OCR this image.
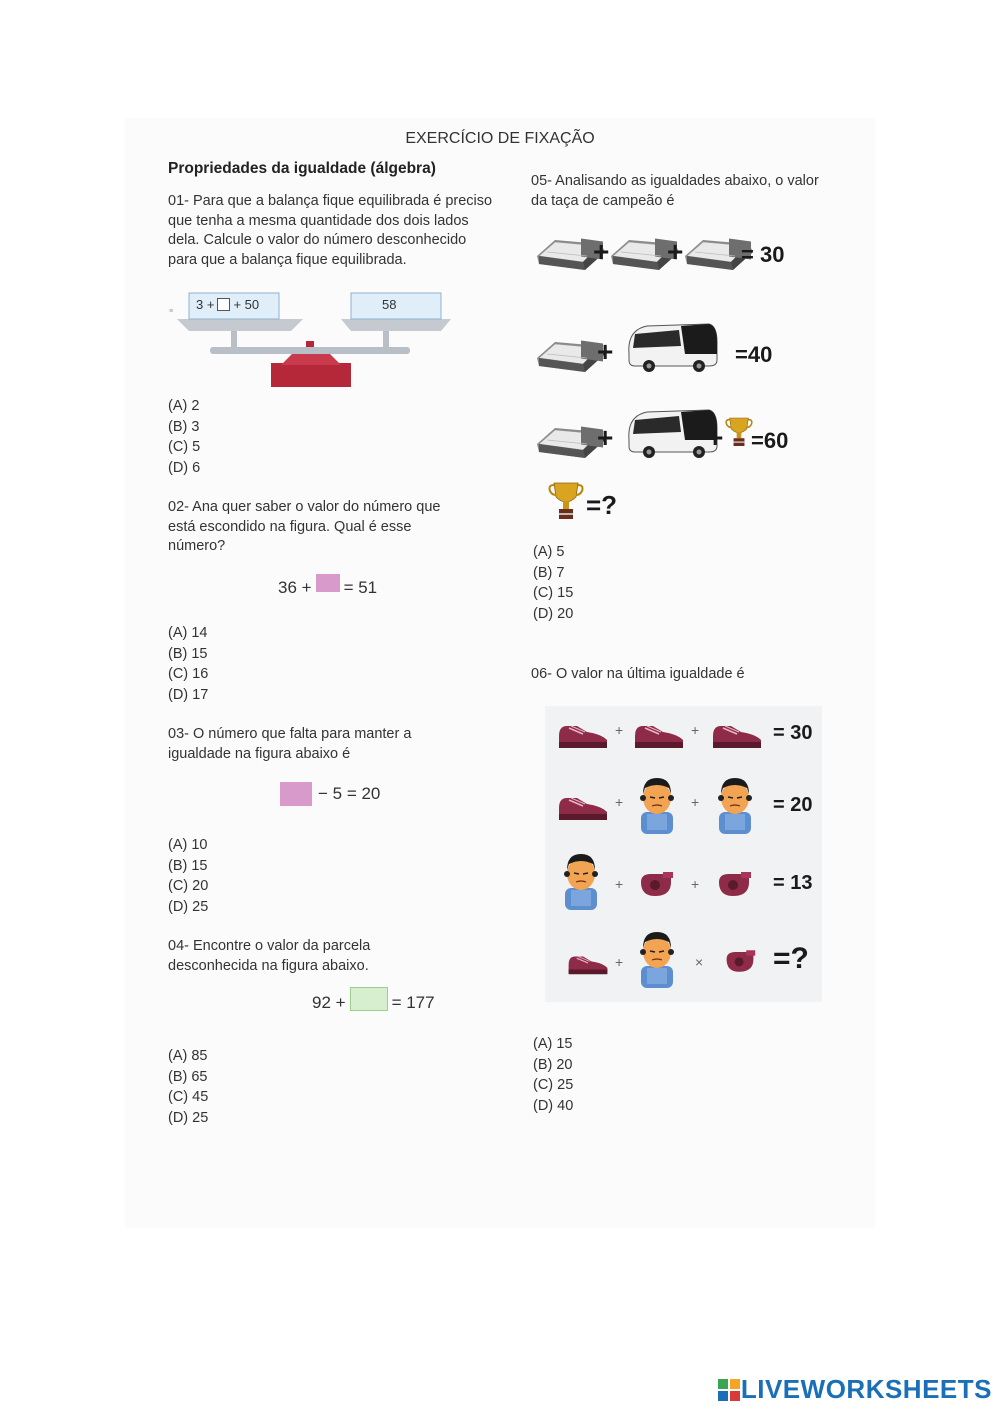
EXERCÍCIO DE FIXAÇÃO
Propriedades da igualdade (álgebra)
01- Para que a balança fique equilibrada é preciso
que tenha a mesma quantidade dos dois lados
dela. Calcule o valor do número desconhecido
para que a balança fique equilibrada.
≡ 3 + + 50	58
(A) 2
(B) 3
(C) 5
(D) 6
02- Ana quer saber o valor do número que
está escondido na figura. Qual é esse
número?
36 + = 51
(A) 14
(B) 15
(C) 16
(D) 17
03- O número que falta para manter a
igualdade na figura abaixo é
− 5 = 20
(A) 10
(B) 15
(C) 20
(D) 25
04- Encontre o valor da parcela
desconhecida na figura abaixo.
92 +	= 177
(A) 85
(B) 65
(C) 45
(D) 25
05- Analisando as igualdades abaixo, o valor
da taça de campeão é
+ +	= 30
+	=40
+	+ =60
=?
(A) 5
(B) 7
(C) 15
(D) 20
06- O valor na última igualdade é
+	+	= 30
+	+	= 20
+	+	= 13
+	× =?
(A) 15
(B) 20
(C) 25
(D) 40
LIVEWORKSHEETS
